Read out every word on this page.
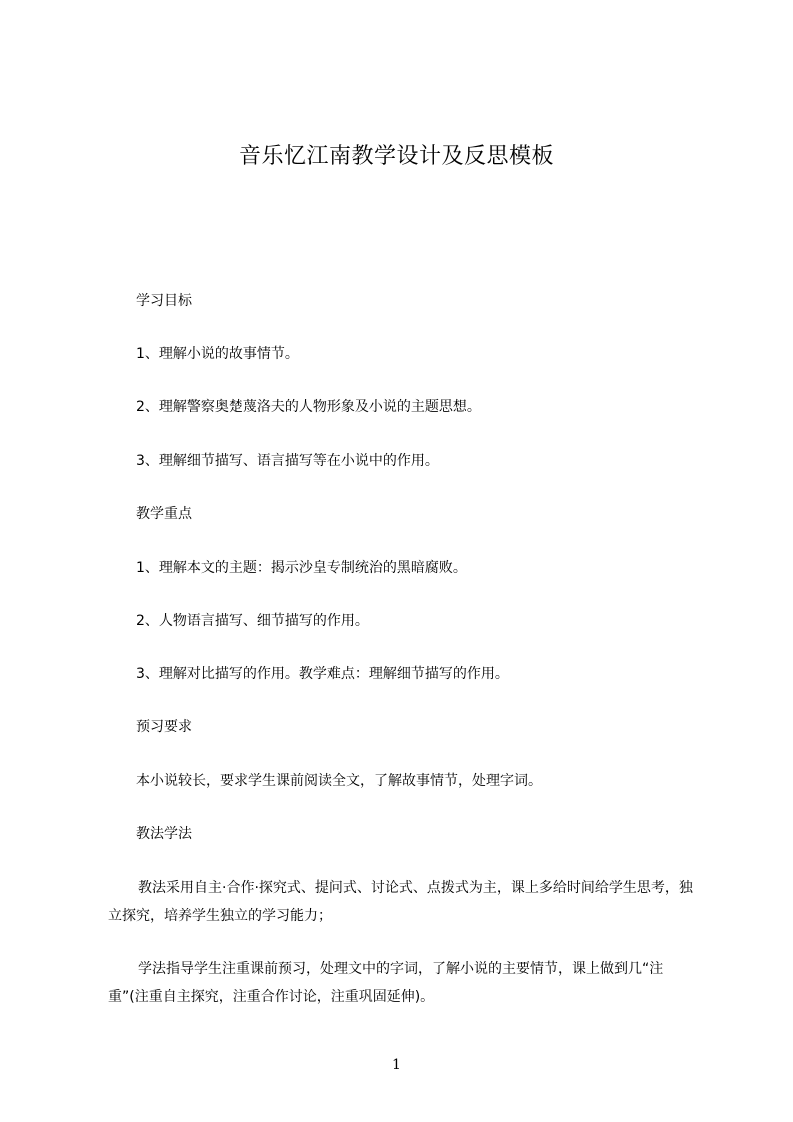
音乐忆江南教学设计及反思模板
学习目标
1、理解小说的故事情节。
2、理解警察奥楚蔑洛夫的人物形象及小说的主题思想。
3、理解细节描写、语言描写等在小说中的作用。
教学重点
1、理解本文的主题：揭示沙皇专制统治的黑暗腐败。
2、人物语言描写、细节描写的作用。
3、理解对比描写的作用。教学难点：理解细节描写的作用。
预习要求
本小说较长，要求学生课前阅读全文，了解故事情节，处理字词。
教法学法
教法采用自主·合作·探究式、提问式、讨论式、点拨式为主，课上多给时间给学生思考，独立探究，培养学生独立的学习能力；
学法指导学生注重课前预习，处理文中的字词，了解小说的主要情节，课上做到几“注重”(注重自主探究，注重合作讨论，注重巩固延伸)。
1
